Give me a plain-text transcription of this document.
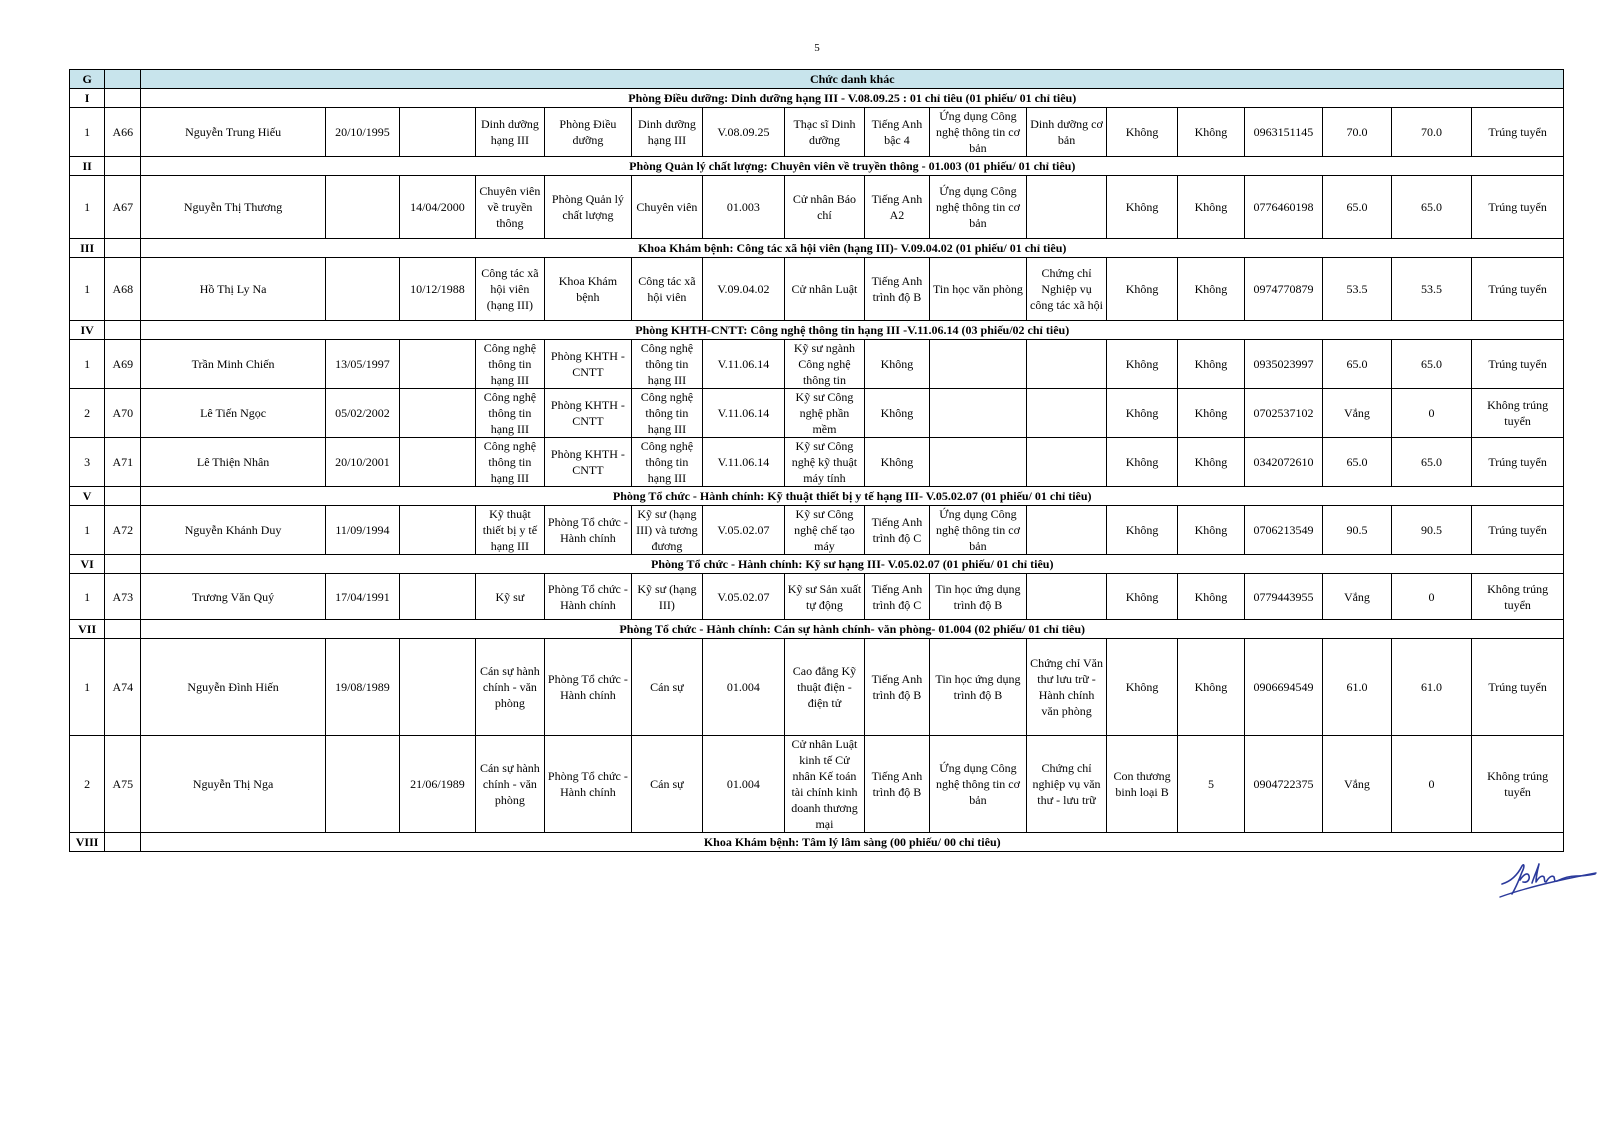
5
G		Chức danh khác																
I		Phòng Điều dưỡng: Dinh dưỡng hạng III - V.08.09.25 : 01 chỉ tiêu (01 phiếu/ 01 chỉ tiêu)																
1	A66	Nguyễn Trung Hiếu	20/10/1995		Dinh dưỡng hạng III	Phòng Điều dưỡng	Dinh dưỡng hạng III	V.08.09.25	Thạc sĩ Dinh dưỡng	Tiếng Anh bậc 4	Ứng dụng Công nghệ thông tin cơ bản	Dinh dưỡng cơ bản	Không	Không	0963151145	70.0	70.0	Trúng tuyển
II		Phòng Quản lý chất lượng: Chuyên viên về truyền thông - 01.003 (01 phiếu/ 01 chỉ tiêu)																
1	A67	Nguyễn Thị Thương		14/04/2000	Chuyên viên về truyền thông	Phòng Quản lý chất lượng	Chuyên viên	01.003	Cử nhân Báo chí	Tiếng Anh A2	Ứng dụng Công nghệ thông tin cơ bản		Không	Không	0776460198	65.0	65.0	Trúng tuyển
III		Khoa Khám bệnh: Công tác xã hội viên (hạng III)- V.09.04.02 (01 phiếu/ 01 chỉ tiêu)																
1	A68	Hồ Thị Ly Na		10/12/1988	Công tác xã hội viên (hạng III)	Khoa Khám bệnh	Công tác xã hội viên	V.09.04.02	Cử nhân Luật	Tiếng Anh trình độ B	Tin học văn phòng	Chứng chỉ Nghiệp vụ công tác xã hội	Không	Không	0974770879	53.5	53.5	Trúng tuyển
IV		Phòng KHTH-CNTT: Công nghệ thông tin hạng III -V.11.06.14 (03 phiếu/02 chỉ tiêu)																
1	A69	Trần Minh Chiến	13/05/1997		Công nghệ thông tin hạng III	Phòng KHTH - CNTT	Công nghệ thông tin hạng III	V.11.06.14	Kỹ sư ngành Công nghệ thông tin	Không			Không	Không	0935023997	65.0	65.0	Trúng tuyển
2	A70	Lê Tiến Ngọc	05/02/2002		Công nghệ thông tin hạng III	Phòng KHTH - CNTT	Công nghệ thông tin hạng III	V.11.06.14	Kỹ sư Công nghệ phần mềm	Không			Không	Không	0702537102	Vắng	0	Không trúng tuyển
3	A71	Lê Thiện Nhân	20/10/2001		Công nghệ thông tin hạng III	Phòng KHTH - CNTT	Công nghệ thông tin hạng III	V.11.06.14	Kỹ sư Công nghệ kỹ thuật máy tính	Không			Không	Không	0342072610	65.0	65.0	Trúng tuyển
V		Phòng Tổ chức - Hành chính: Kỹ thuật thiết bị y tế hạng III- V.05.02.07 (01 phiếu/ 01 chỉ tiêu)																
1	A72	Nguyễn Khánh Duy	11/09/1994		Kỹ thuật thiết bị y tế hạng III	Phòng Tổ chức - Hành chính	Kỹ sư (hạng III) và tương đương	V.05.02.07	Kỹ sư Công nghệ chế tạo máy	Tiếng Anh trình độ C	Ứng dụng Công nghệ thông tin cơ bản		Không	Không	0706213549	90.5	90.5	Trúng tuyển
VI		Phòng Tổ chức - Hành chính: Kỹ sư hạng III- V.05.02.07 (01 phiếu/ 01 chỉ tiêu)																
1	A73	Trương Văn Quý	17/04/1991		Kỹ sư	Phòng Tổ chức - Hành chính	Kỹ sư (hạng III)	V.05.02.07	Kỹ sư Sản xuất tự động	Tiếng Anh trình độ C	Tin học ứng dụng trình độ B		Không	Không	0779443955	Vắng	0	Không trúng tuyển
VII		Phòng Tổ chức - Hành chính: Cán sự hành chính- văn phòng- 01.004 (02 phiếu/ 01 chỉ tiêu)																
1	A74	Nguyễn Đình Hiến	19/08/1989		Cán sự hành chính - văn phòng	Phòng Tổ chức - Hành chính	Cán sự	01.004	Cao đẳng Kỹ thuật điện - điện tử	Tiếng Anh trình độ B	Tin học ứng dụng trình độ B	Chứng chỉ Văn thư lưu trữ - Hành chính văn phòng	Không	Không	0906694549	61.0	61.0	Trúng tuyển
2	A75	Nguyễn Thị Nga		21/06/1989	Cán sự hành chính - văn phòng	Phòng Tổ chức - Hành chính	Cán sự	01.004	Cử nhân Luật kinh tế Cử nhân Kế toán tài chính kinh doanh thương mại	Tiếng Anh trình độ B	Ứng dụng Công nghệ thông tin cơ bản	Chứng chỉ nghiệp vụ văn thư - lưu trữ	Con thương binh loại B	5	0904722375	Vắng	0	Không trúng tuyển
VIII		Khoa Khám bệnh: Tâm lý lâm sàng (00 phiếu/ 00 chỉ tiêu)																
